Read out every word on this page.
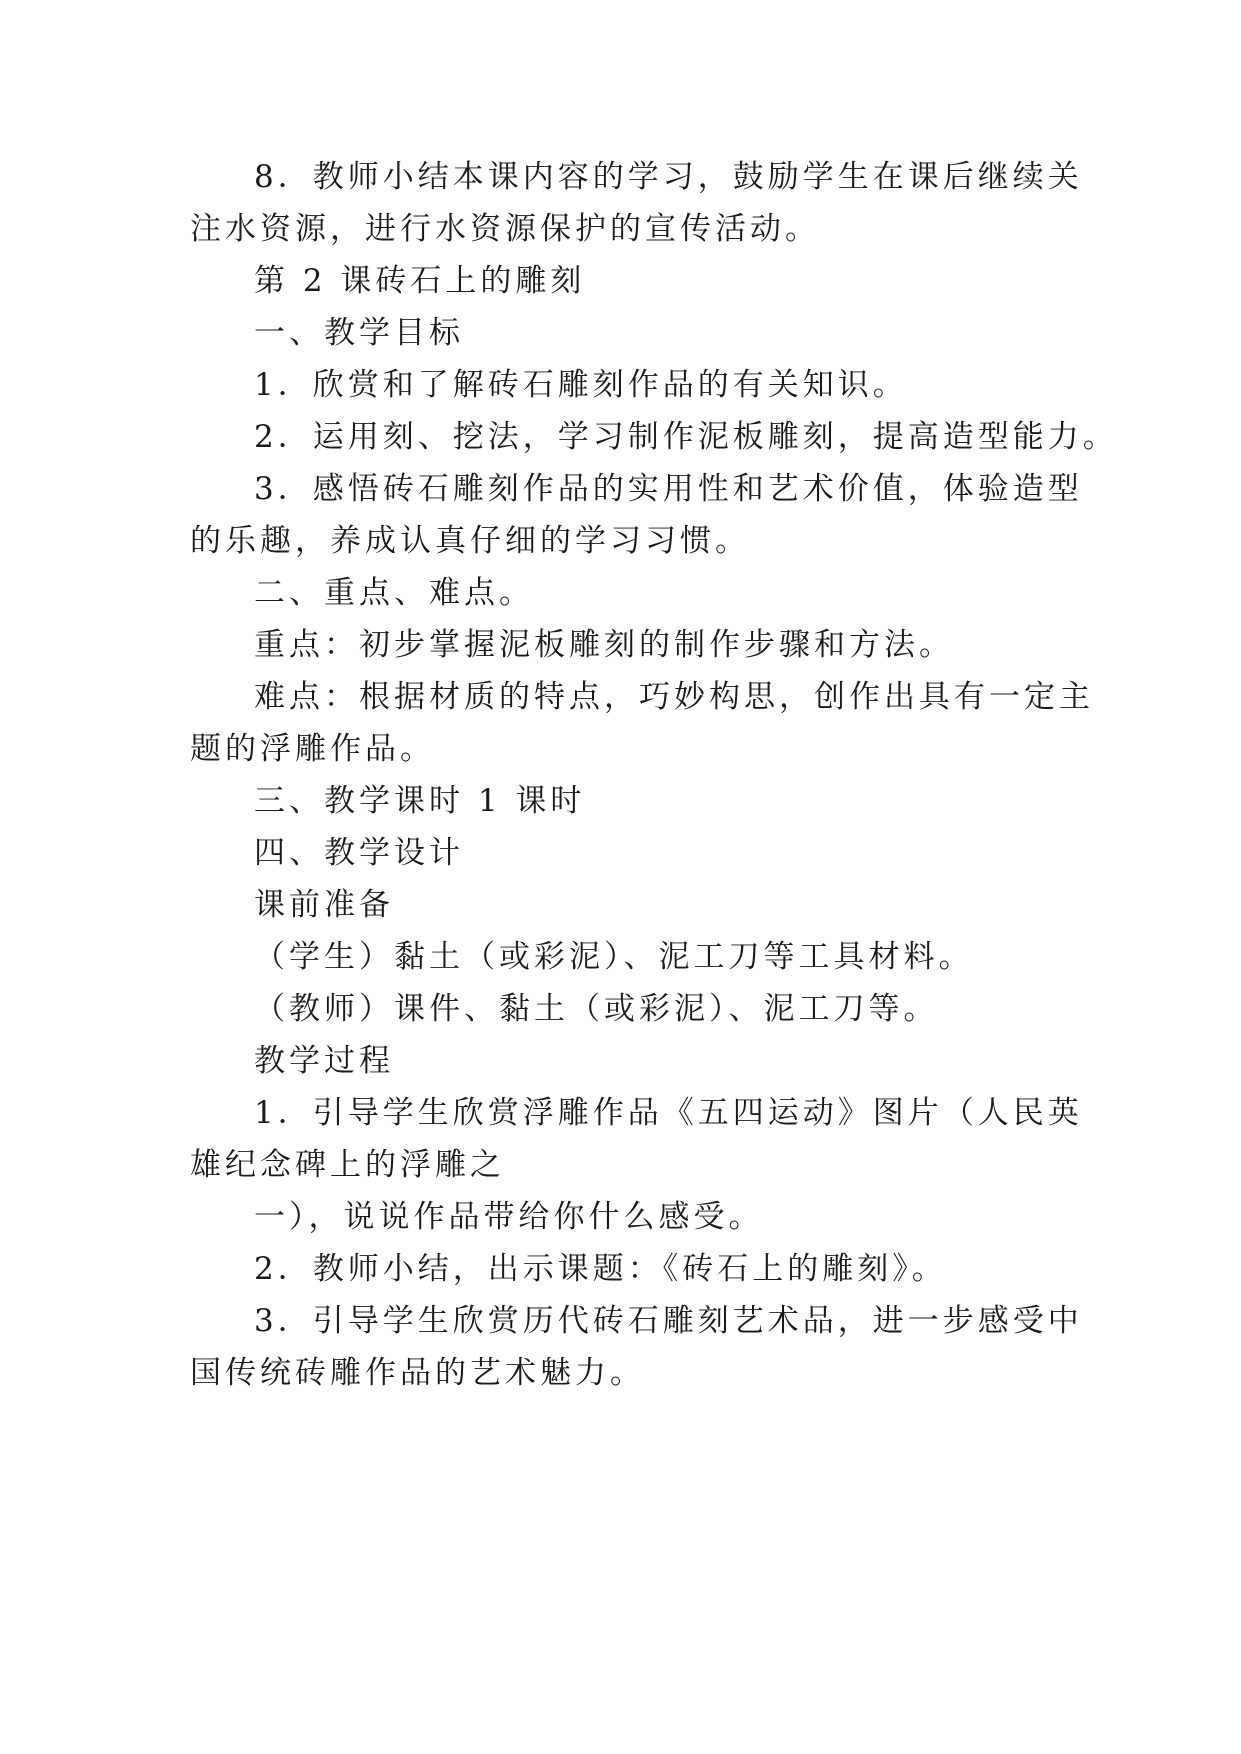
8．教师小结本课内容的学习，鼓励学生在课后继续关
注水资源，进行水资源保护的宣传活动。
第 2 课砖石上的雕刻
一、教学目标
1．欣赏和了解砖石雕刻作品的有关知识。
2．运用刻、挖法，学习制作泥板雕刻，提高造型能力。
3．感悟砖石雕刻作品的实用性和艺术价值，体验造型
的乐趣，养成认真仔细的学习习惯。
二、重点、难点。
重点：初步掌握泥板雕刻的制作步骤和方法。
难点：根据材质的特点，巧妙构思，创作出具有一定主
题的浮雕作品。
三、教学课时 1 课时
四、教学设计
课前准备
（学生）黏土（或彩泥）、泥工刀等工具材料。
（教师）课件、黏土（或彩泥）、泥工刀等。
教学过程
1．引导学生欣赏浮雕作品《五四运动》图片（人民英
雄纪念碑上的浮雕之
一），说说作品带给你什么感受。
2．教师小结，出示课题：《砖石上的雕刻》。
3．引导学生欣赏历代砖石雕刻艺术品，进一步感受中
国传统砖雕作品的艺术魅力。
